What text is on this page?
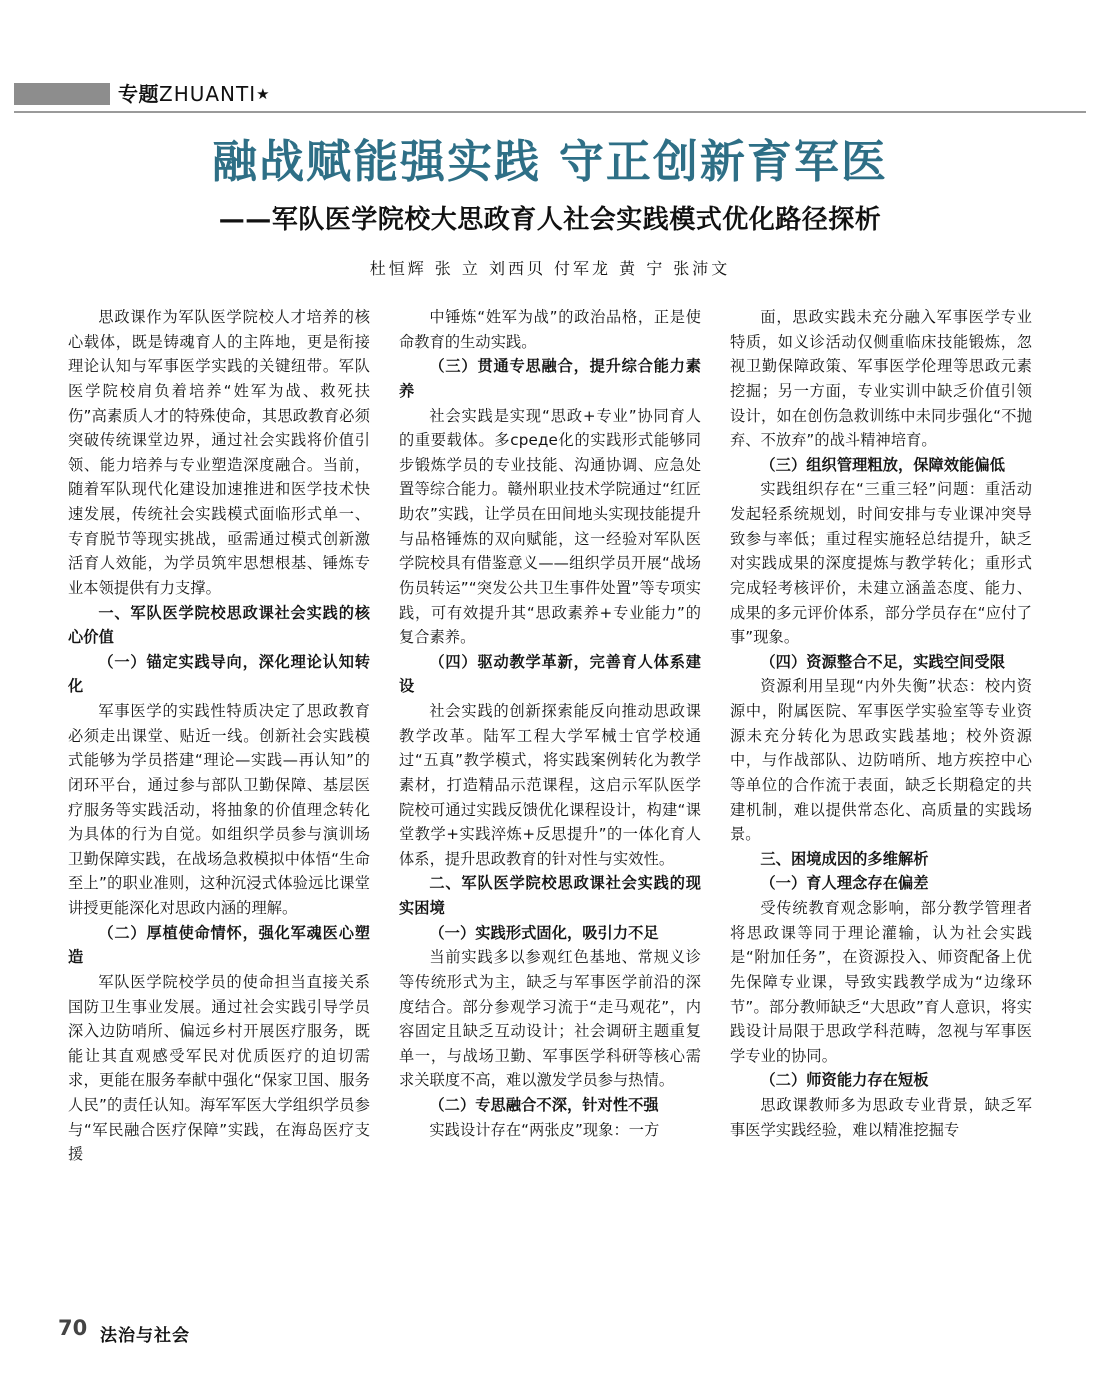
专题ZHUANTI★
融战赋能强实践 守正创新育军医
——军队医学院校大思政育人社会实践模式优化路径探析
杜恒辉 张 立 刘西贝 付军龙 黄 宁 张沛文

思政课作为军队医学院校人才培养的核心载体，既是铸魂育人的主阵地，更是衔接理论认知与军事医学实践的关键纽带。军队医学院校肩负着培养“姓军为战、救死扶伤”高素质人才的特殊使命，其思政教育必须突破传统课堂边界，通过社会实践将价值引领、能力培养与专业塑造深度融合。当前，随着军队现代化建设加速推进和医学技术快速发展，传统社会实践模式面临形式单一、专育脱节等现实挑战，亟需通过模式创新激活育人效能，为学员筑牢思想根基、锤炼专业本领提供有力支撑。

一、军队医学院校思政课社会实践的核心价值

（一）锚定实践导向，深化理论认知转化

军事医学的实践性特质决定了思政教育必须走出课堂、贴近一线。创新社会实践模式能够为学员搭建“理论—实践—再认知”的闭环平台，通过参与部队卫勤保障、基层医疗服务等实践活动，将抽象的价值理念转化为具体的行为自觉。如组织学员参与演训场卫勤保障实践，在战场急救模拟中体悟“生命至上”的职业准则，这种沉浸式体验远比课堂讲授更能深化对思政内涵的理解。

（二）厚植使命情怀，强化军魂医心塑造

军队医学院校学员的使命担当直接关系国防卫生事业发展。通过社会实践引导学员深入边防哨所、偏远乡村开展医疗服务，既能让其直观感受军民对优质医疗的迫切需求，更能在服务奉献中强化“保家卫国、服务人民”的责任认知。海军军医大学组织学员参与“军民融合医疗保障”实践，在海岛医疗支援

中锤炼“姓军为战”的政治品格，正是使命教育的生动实践。

（三）贯通专思融合，提升综合能力素养

社会实践是实现“思政+专业”协同育人的重要载体。多среде化的实践形式能够同步锻炼学员的专业技能、沟通协调、应急处置等综合能力。赣州职业技术学院通过“红匠助农”实践，让学员在田间地头实现技能提升与品格锤炼的双向赋能，这一经验对军队医学院校具有借鉴意义——组织学员开展“战场伤员转运”“突发公共卫生事件处置”等专项实践，可有效提升其“思政素养+专业能力”的复合素养。

（四）驱动教学革新，完善育人体系建设

社会实践的创新探索能反向推动思政课教学改革。陆军工程大学军械士官学校通过“五真”教学模式，将实践案例转化为教学素材，打造精品示范课程，这启示军队医学院校可通过实践反馈优化课程设计，构建“课堂教学+实践淬炼+反思提升”的一体化育人体系，提升思政教育的针对性与实效性。

二、军队医学院校思政课社会实践的现实困境

（一）实践形式固化，吸引力不足

当前实践多以参观红色基地、常规义诊等传统形式为主，缺乏与军事医学前沿的深度结合。部分参观学习流于“走马观花”，内容固定且缺乏互动设计；社会调研主题重复单一，与战场卫勤、军事医学科研等核心需求关联度不高，难以激发学员参与热情。

（二）专思融合不深，针对性不强

实践设计存在“两张皮”现象：一方

面，思政实践未充分融入军事医学专业特质，如义诊活动仅侧重临床技能锻炼，忽视卫勤保障政策、军事医学伦理等思政元素挖掘；另一方面，专业实训中缺乏价值引领设计，如在创伤急救训练中未同步强化“不抛弃、不放弃”的战斗精神培育。

（三）组织管理粗放，保障效能偏低

实践组织存在“三重三轻”问题：重活动发起轻系统规划，时间安排与专业课冲突导致参与率低；重过程实施轻总结提升，缺乏对实践成果的深度提炼与教学转化；重形式完成轻考核评价，未建立涵盖态度、能力、成果的多元评价体系，部分学员存在“应付了事”现象。

（四）资源整合不足，实践空间受限

资源利用呈现“内外失衡”状态：校内资源中，附属医院、军事医学实验室等专业资源未充分转化为思政实践基地；校外资源中，与作战部队、边防哨所、地方疾控中心等单位的合作流于表面，缺乏长期稳定的共建机制，难以提供常态化、高质量的实践场景。

三、困境成因的多维解析

（一）育人理念存在偏差

受传统教育观念影响，部分教学管理者将思政课等同于理论灌输，认为社会实践是“附加任务”，在资源投入、师资配备上优先保障专业课，导致实践教学成为“边缘环节”。部分教师缺乏“大思政”育人意识，将实践设计局限于思政学科范畴，忽视与军事医学专业的协同。

（二）师资能力存在短板

思政课教师多为思政专业背景，缺乏军事医学实践经验，难以精准挖掘专

70 法治与社会
